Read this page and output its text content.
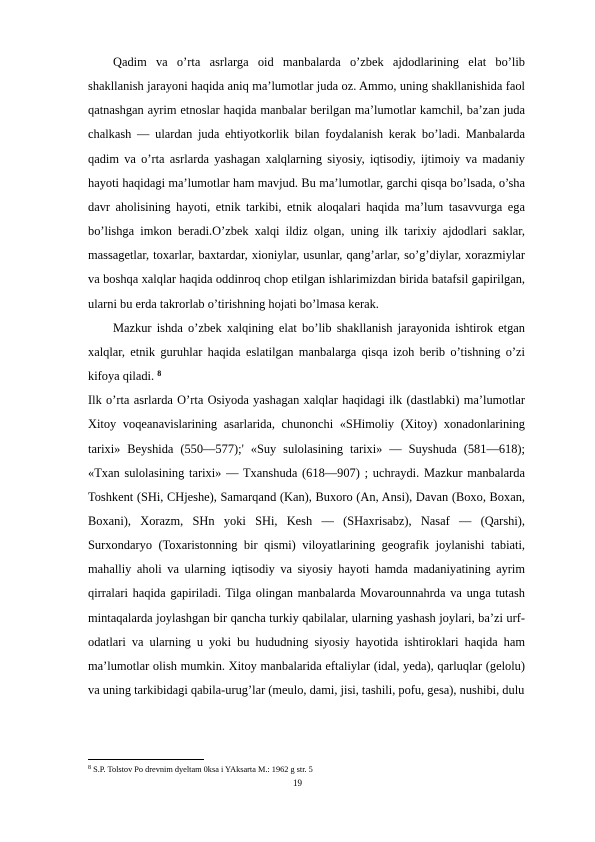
Qadim va o’rta asrlarga oid manbalarda o’zbek ajdodlarining elat bo’lib shakllanish jarayoni haqida aniq ma’lumotlar juda oz. Ammo, uning shakllanishida faol qatnashgan ayrim etnoslar haqida manbalar berilgan ma’lumotlar kamchil, ba’zan juda chalkash — ulardan juda ehtiyotkorlik bilan foydalanish kerak bo’ladi. Manbalarda qadim va o’rta asrlarda yashagan xalqlarning siyosiy, iqtisodiy, ijtimoiy va madaniy hayoti haqidagi ma’lumotlar ham mavjud. Bu ma’lumotlar, garchi qisqa bo’lsada, o’sha davr aholisining hayoti, etnik tarkibi, etnik aloqalari haqida ma’lum tasavvurga ega bo’lishga imkon beradi.O’zbek xalqi ildiz olgan, uning ilk tarixiy ajdodlari saklar, massagetlar, toxarlar, baxtardar, xioniylar, usunlar, qang’arlar, so’g’diylar, xorazmiylar va boshqa xalqlar haqida oddinroq chop etilgan ishlarimizdan birida batafsil gapirilgan, ularni bu erda takrorlab o’tirishning hojati bo’lmasa kerak.

Mazkur ishda o’zbek xalqining elat bo’lib shakllanish jarayonida ishtirok etgan xalqlar, etnik guruhlar haqida eslatilgan manbalarga qisqa izoh berib o’tishning o’zi kifoya qiladi. $^8$

Ilk o’rta asrlarda O’rta Osiyoda yashagan xalqlar haqidagi ilk (dastlabki) ma’lumotlar Xitoy voqeanavislarining asarlarida, chunonchi «SHimoliy (Xitoy) xonadonlarining tarixi» Beyshida (550—577);' «Suy sulolasining tarixi» — Suyshuda (581—618); «Txan sulolasining tarixi» — Txanshuda (618—907) ; uchraydi. Mazkur manbalarda Toshkent (SHi, CHjeshe), Samarqand (Kan), Buxoro (An, Ansi), Davan (Boxo, Boxan, Boxani), Xorazm, SHn yoki SHi, Kesh — (SHaxrisabz), Nasaf — (Qarshi), Surxondaryo (Toxaristonning bir qismi) viloyatlarining geografik joylanishi tabiati, mahalliy aholi va ularning iqtisodiy va siyosiy hayoti hamda madaniyatining ayrim qirralari haqida gapiriladi. Tilga olingan manbalarda Movarounnahrda va unga tutash mintaqalarda joylashgan bir qancha turkiy qabilalar, ularning yashash joylari, ba’zi urf-odatlari va ularning u yoki bu hududning siyosiy hayotida ishtiroklari haqida ham ma’lumotlar olish mumkin. Xitoy manbalarida eftaliylar (idal, yeda), qarluqlar (gelolu) va uning tarkibidagi qabila-urug’lar (meulo, dami, jisi, tashili, pofu, gesa), nushibi, dulu

$^8$ S.P. Tolstov Po drevnim dyeltam 0ksa i YAksarta M.: 1962 g str. 5
19
